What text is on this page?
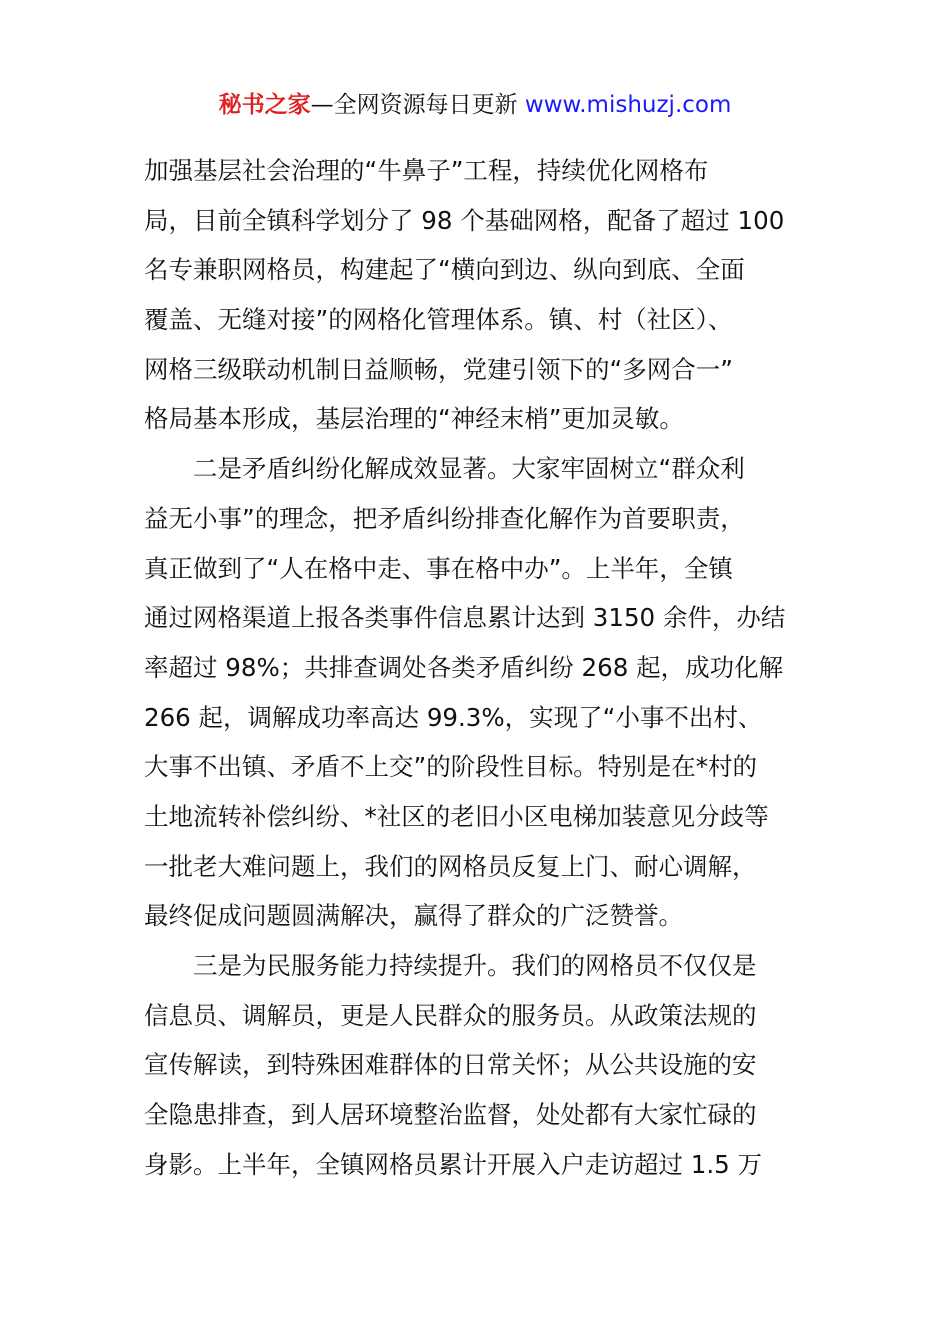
秘书之家—全网资源每日更新 www.mishuzj.com
加强基层社会治理的“牛鼻子”工程，持续优化网格布
局，目前全镇科学划分了 98 个基础网格，配备了超过 100
名专兼职网格员，构建起了“横向到边、纵向到底、全面
覆盖、无缝对接”的网格化管理体系。镇、村（社区）、
网格三级联动机制日益顺畅，党建引领下的“多网合一”
格局基本形成，基层治理的“神经末梢”更加灵敏。
二是矛盾纠纷化解成效显著。大家牢固树立“群众利
益无小事”的理念，把矛盾纠纷排查化解作为首要职责，
真正做到了“人在格中走、事在格中办”。上半年，全镇
通过网格渠道上报各类事件信息累计达到 3150 余件，办结
率超过 98%；共排查调处各类矛盾纠纷 268 起，成功化解
266 起，调解成功率高达 99.3%，实现了“小事不出村、
大事不出镇、矛盾不上交”的阶段性目标。特别是在*村的
土地流转补偿纠纷、*社区的老旧小区电梯加装意见分歧等
一批老大难问题上，我们的网格员反复上门、耐心调解，
最终促成问题圆满解决，赢得了群众的广泛赞誉。
三是为民服务能力持续提升。我们的网格员不仅仅是
信息员、调解员，更是人民群众的服务员。从政策法规的
宣传解读，到特殊困难群体的日常关怀；从公共设施的安
全隐患排查，到人居环境整治监督，处处都有大家忙碌的
身影。上半年，全镇网格员累计开展入户走访超过 1.5 万
